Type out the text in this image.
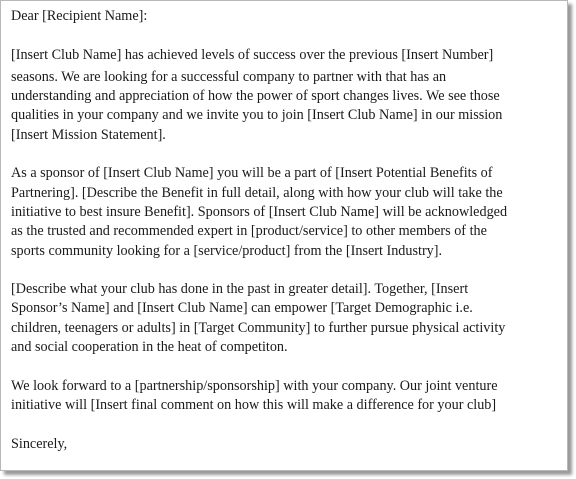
Dear [Recipient Name]:

[Insert Club Name] has achieved levels of success over the previous [Insert Number]
seasons. We are looking for a successful company to partner with that has an
understanding and appreciation of how the power of sport changes lives. We see those
qualities in your company and we invite you to join [Insert Club Name] in our mission
[Insert Mission Statement].

As a sponsor of [Insert Club Name] you will be a part of [Insert Potential Benefits of
Partnering]. [Describe the Benefit in full detail, along with how your club will take the
initiative to best insure Benefit]. Sponsors of [Insert Club Name] will be acknowledged
as the trusted and recommended expert in [product/service] to other members of the
sports community looking for a [service/product] from the [Insert Industry].

[Describe what your club has done in the past in greater detail]. Together, [Insert
Sponsor’s Name] and [Insert Club Name] can empower [Target Demographic i.e.
children, teenagers or adults] in [Target Community] to further pursue physical activity
and social cooperation in the heat of competiton.

We look forward to a [partnership/sponsorship] with your company. Our joint venture
initiative will [Insert final comment on how this will make a difference for your club]

Sincerely,
